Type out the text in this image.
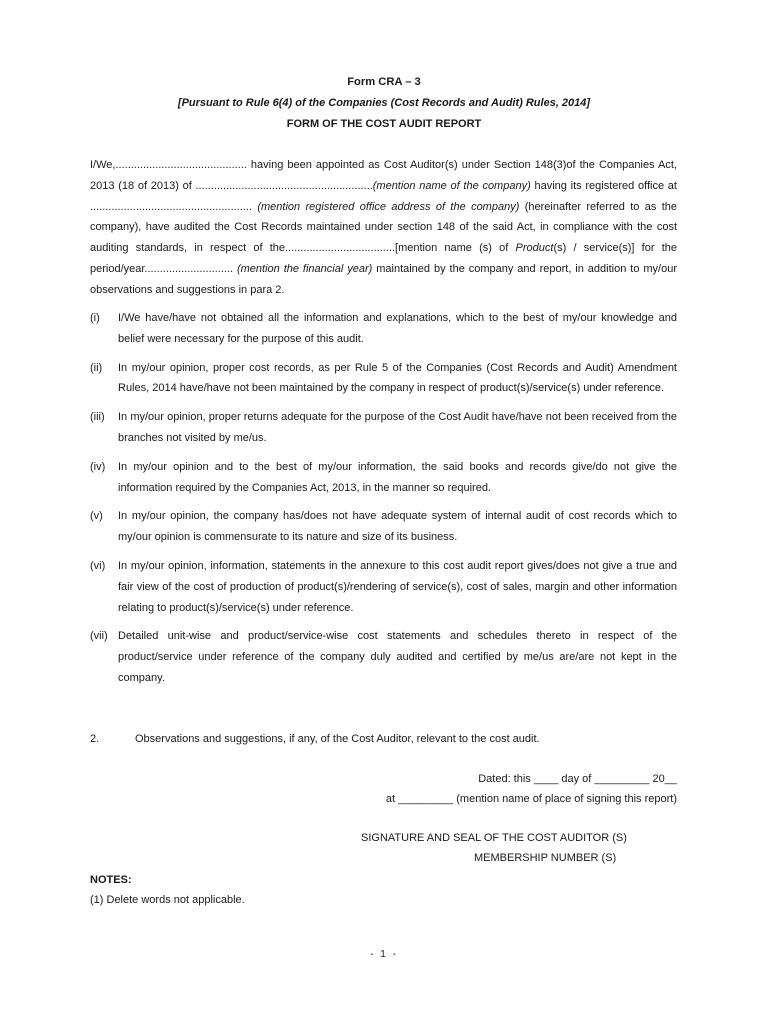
Form CRA – 3
[Pursuant to Rule 6(4) of the Companies (Cost Records and Audit) Rules, 2014]
FORM OF THE COST AUDIT REPORT
I/We,........................................... having been appointed as Cost Auditor(s) under Section 148(3)of the Companies Act, 2013 (18 of 2013) of ..........................................................(mention name of the company) having its registered office at ..................................................... (mention registered office address of the company) (hereinafter referred to as the company), have audited the Cost Records maintained under section 148 of the said Act, in compliance with the cost auditing standards, in respect of the....................................[mention name (s) of Product(s) / service(s)] for the period/year............................. (mention the financial year) maintained by the company and report, in addition to my/our observations and suggestions in para 2.
(i)	I/We have/have not obtained all the information and explanations, which to the best of my/our knowledge and belief were necessary for the purpose of this audit.
(ii)	In my/our opinion, proper cost records, as per Rule 5 of the Companies (Cost Records and Audit) Amendment Rules, 2014 have/have not been maintained by the company in respect of product(s)/service(s) under reference.
(iii)	In my/our opinion, proper returns adequate for the purpose of the Cost Audit have/have not been received from the branches not visited by me/us.
(iv)	In my/our opinion and to the best of my/our information, the said books and records give/do not give the information required by the Companies Act, 2013, in the manner so required.
(v)	In my/our opinion, the company has/does not have adequate system of internal audit of cost records which to my/our opinion is commensurate to its nature and size of its business.
(vi)	In my/our opinion, information, statements in the annexure to this cost audit report gives/does not give a true and fair view of the cost of production of product(s)/rendering of service(s), cost of sales, margin and other information relating to product(s)/service(s) under reference.
(vii) Detailed unit-wise and product/service-wise cost statements and schedules thereto in respect of the product/service under reference of the company duly audited and certified by me/us are/are not kept in the company.
2.	Observations and suggestions, if any, of the Cost Auditor, relevant to the cost audit.
Dated: this ____ day of _________ 20__
at _________ (mention name of place of signing this report)
SIGNATURE AND SEAL OF THE COST AUDITOR (S)
MEMBERSHIP NUMBER (S)
NOTES:
(1) Delete words not applicable.
- 1 -
